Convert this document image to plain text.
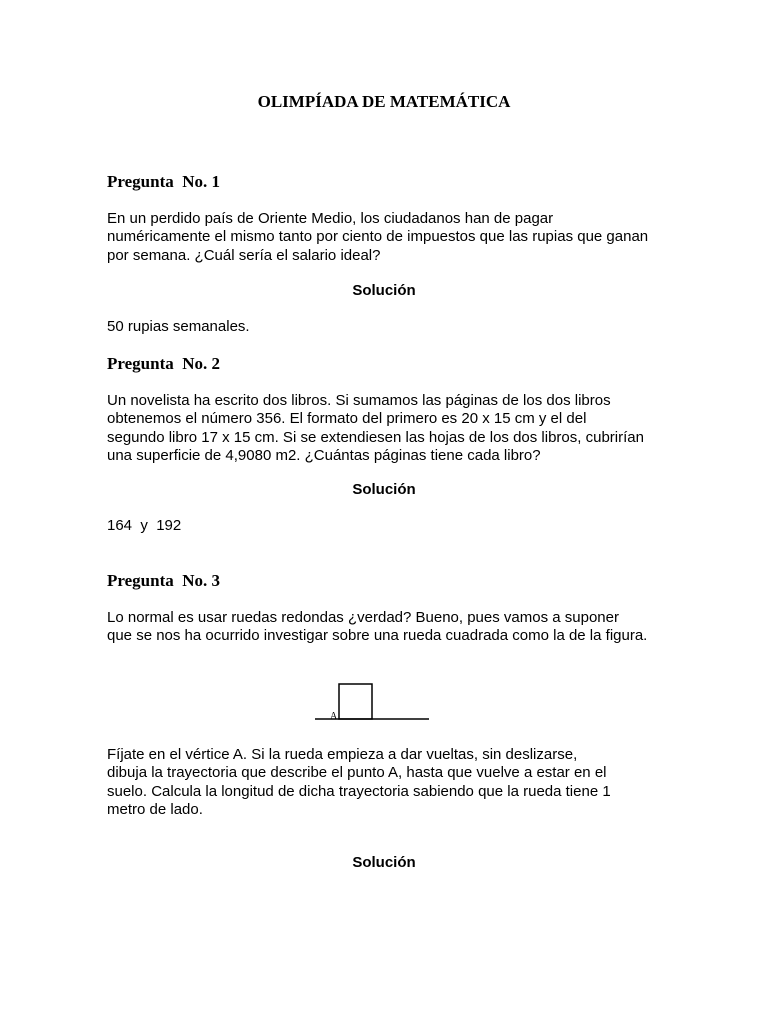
OLIMPÍADA DE MATEMÁTICA
Pregunta  No. 1

En un perdido país de Oriente Medio, los ciudadanos han de pagar
numéricamente el mismo tanto por ciento de impuestos que las rupias que ganan
por semana. ¿Cuál sería el salario ideal?

Solución
50 rupias semanales.
Pregunta  No. 2

Un novelista ha escrito dos libros. Si sumamos las páginas de los dos libros
obtenemos el número 356. El formato del primero es 20 x 15 cm y el del
segundo libro 17 x 15 cm. Si se extendiesen las hojas de los dos libros, cubrirían
una superficie de 4,9080 m2. ¿Cuántas páginas tiene cada libro?

Solución
164  y  192
Pregunta  No. 3

Lo normal es usar ruedas redondas ¿verdad? Bueno, pues vamos a suponer
que se nos ha ocurrido investigar sobre una rueda cuadrada como la de la figura.

A

Fíjate en el vértice A. Si la rueda empieza a dar vueltas, sin deslizarse,
dibuja la trayectoria que describe el punto A, hasta que vuelve a estar en el
suelo. Calcula la longitud de dicha trayectoria sabiendo que la rueda tiene 1
metro de lado.

Solución
